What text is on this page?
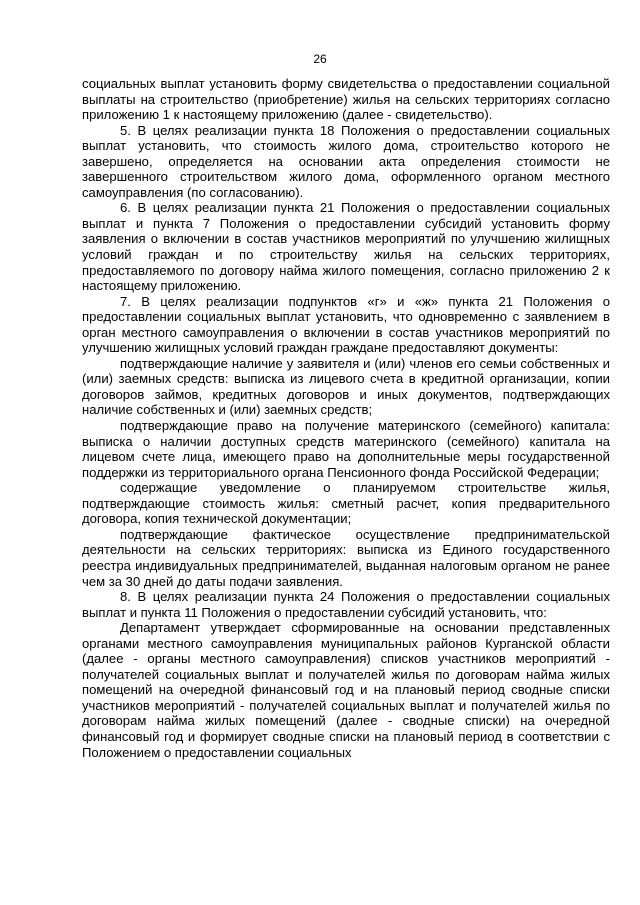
26

социальных выплат установить форму свидетельства о предоставлении социальной выплаты на строительство (приобретение) жилья на сельских территориях согласно приложению 1 к настоящему приложению (далее - свидетельство).

5. В целях реализации пункта 18 Положения о предоставлении социальных выплат установить, что стоимость жилого дома, строительство которого не завершено, определяется на основании акта определения стоимости не завершенного строительством жилого дома, оформленного органом местного самоуправления (по согласованию).

6. В целях реализации пункта 21 Положения о предоставлении социальных выплат и пункта 7 Положения о предоставлении субсидий установить форму заявления о включении в состав участников мероприятий по улучшению жилищных условий граждан и по строительству жилья на сельских территориях, предоставляемого по договору найма жилого помещения, согласно приложению 2 к настоящему приложению.

7. В целях реализации подпунктов «г» и «ж» пункта 21 Положения о предоставлении социальных выплат установить, что одновременно с заявлением в орган местного самоуправления о включении в состав участников мероприятий по улучшению жилищных условий граждан граждане предоставляют документы:

подтверждающие наличие у заявителя и (или) членов его семьи собственных и (или) заемных средств: выписка из лицевого счета в кредитной организации, копии договоров займов, кредитных договоров и иных документов, подтверждающих наличие собственных и (или) заемных средств;

подтверждающие право на получение материнского (семейного) капитала: выписка о наличии доступных средств материнского (семейного) капитала на лицевом счете лица, имеющего право на дополнительные меры государственной поддержки из территориального органа Пенсионного фонда Российской Федерации;

содержащие уведомление о планируемом строительстве жилья, подтверждающие стоимость жилья: сметный расчет, копия предварительного договора, копия технической документации;

подтверждающие фактическое осуществление предпринимательской деятельности на сельских территориях: выписка из Единого государственного реестра индивидуальных предпринимателей, выданная налоговым органом не ранее чем за 30 дней до даты подачи заявления.

8. В целях реализации пункта 24 Положения о предоставлении социальных выплат и пункта 11 Положения о предоставлении субсидий установить, что:

Департамент утверждает сформированные на основании представленных органами местного самоуправления муниципальных районов Курганской области (далее - органы местного самоуправления) списков участников мероприятий - получателей социальных выплат и получателей жилья по договорам найма жилых помещений на очередной финансовый год и на плановый период сводные списки участников мероприятий - получателей социальных выплат и получателей жилья по договорам найма жилых помещений (далее - сводные списки) на очередной финансовый год и формирует сводные списки на плановый период в соответствии с Положением о предоставлении социальных
